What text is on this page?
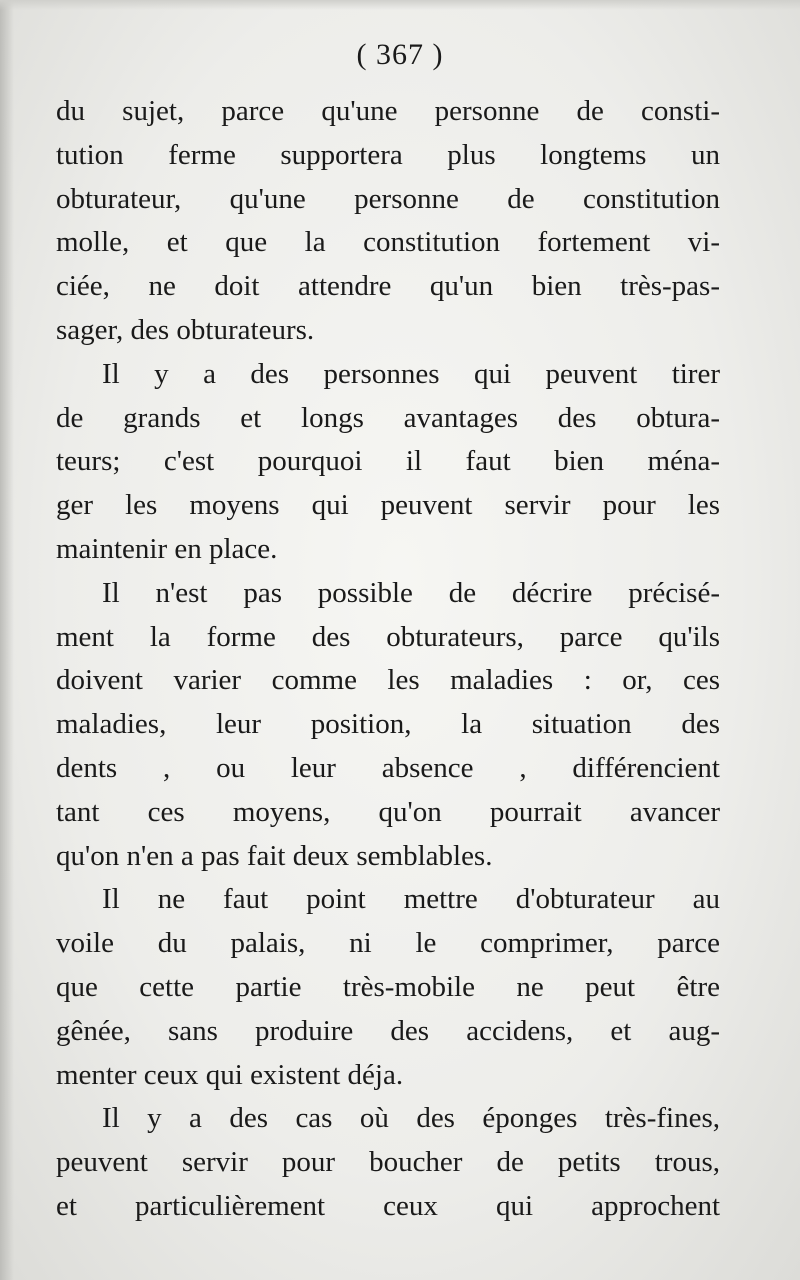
( 367 )
du sujet, parce qu'une personne de consti-
tution ferme supportera plus longtems un
obturateur, qu'une personne de constitution
molle, et que la constitution fortement vi-
ciée, ne doit attendre qu'un bien très-pas-
sager, des obturateurs.
Il y a des personnes qui peuvent tirer
de grands et longs avantages des obtura-
teurs; c'est pourquoi il faut bien ména-
ger les moyens qui peuvent servir pour les
maintenir en place.
Il n'est pas possible de décrire précisé-
ment la forme des obturateurs, parce qu'ils
doivent varier comme les maladies : or, ces
maladies, leur position, la situation des
dents , ou leur absence , différencient
tant ces moyens, qu'on pourrait avancer
qu'on n'en a pas fait deux semblables.
Il ne faut point mettre d'obturateur au
voile du palais, ni le comprimer, parce
que cette partie très-mobile ne peut être
gênée, sans produire des accidens, et aug-
menter ceux qui existent déja.
Il y a des cas où des éponges très-fines,
peuvent servir pour boucher de petits trous,
et particulièrement ceux qui approchent
